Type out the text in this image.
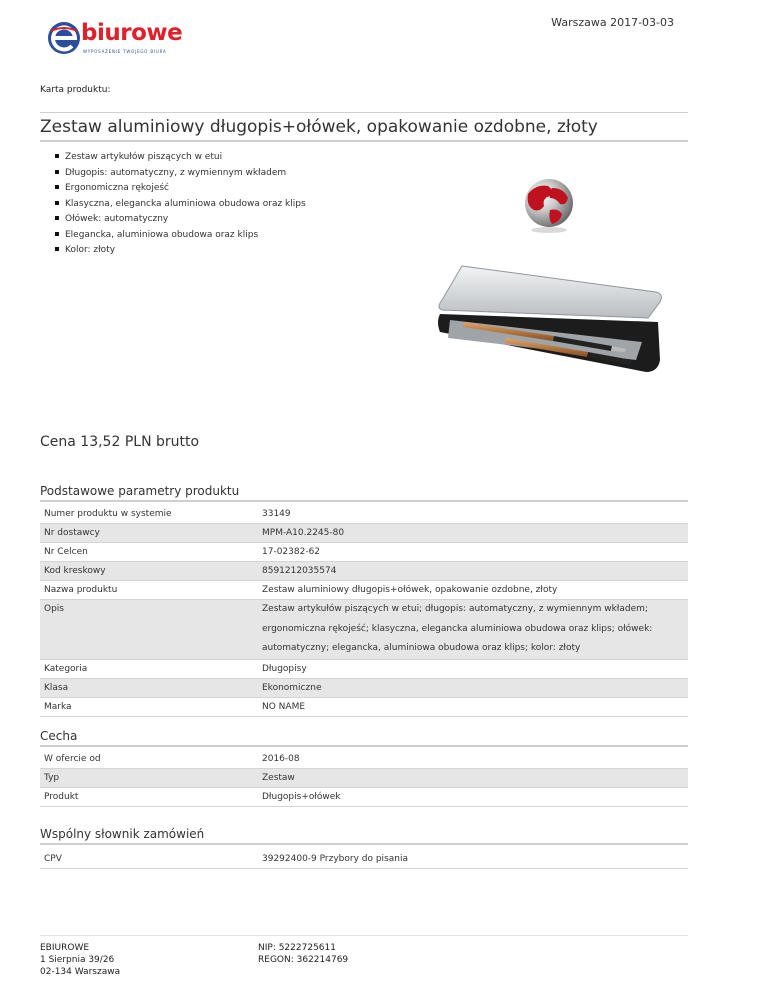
biurowe
WYPOSAŻENIE TWOJEGO BIURA
Warszawa 2017-03-03
Karta produktu:
Zestaw aluminiowy długopis+ołówek, opakowanie ozdobne, złoty
Zestaw artykułów piszących w etui
Długopis: automatyczny, z wymiennym wkładem
Ergonomiczna rękojeść
Klasyczna, elegancka aluminiowa obudowa oraz klips
Ołówek: automatyczny
Elegancka, aluminiowa obudowa oraz klips
Kolor: złoty
Cena 13,52 PLN brutto
Podstawowe parametry produktu
Numer produktu w systemie	33149

Nr dostawcy	MPM-A10.2245-80

Nr Celcen	17-02382-62

Kod kreskowy	8591212035574

Nazwa produktu	Zestaw aluminiowy długopis+ołówek, opakowanie ozdobne, złoty

Opis	Zestaw artykułów piszących w etui; długopis: automatyczny, z wymiennym wkładem; ergonomiczna rękojeść; klasyczna, elegancka aluminiowa obudowa oraz klips; ołówek: automatyczny; elegancka, aluminiowa obudowa oraz klips; kolor: złoty

Kategoria	Długopisy

Klasa	Ekonomiczne

Marka	NO NAME
Cecha
W ofercie od	2016-08

Typ	Zestaw

Produkt	Długopis+ołówek
Wspólny słownik zamówień
CPV	39292400-9 Przybory do pisania
EBIUROWE
1 Sierpnia 39/26
02-134 Warszawa
NIP: 5222725611
REGON: 362214769
